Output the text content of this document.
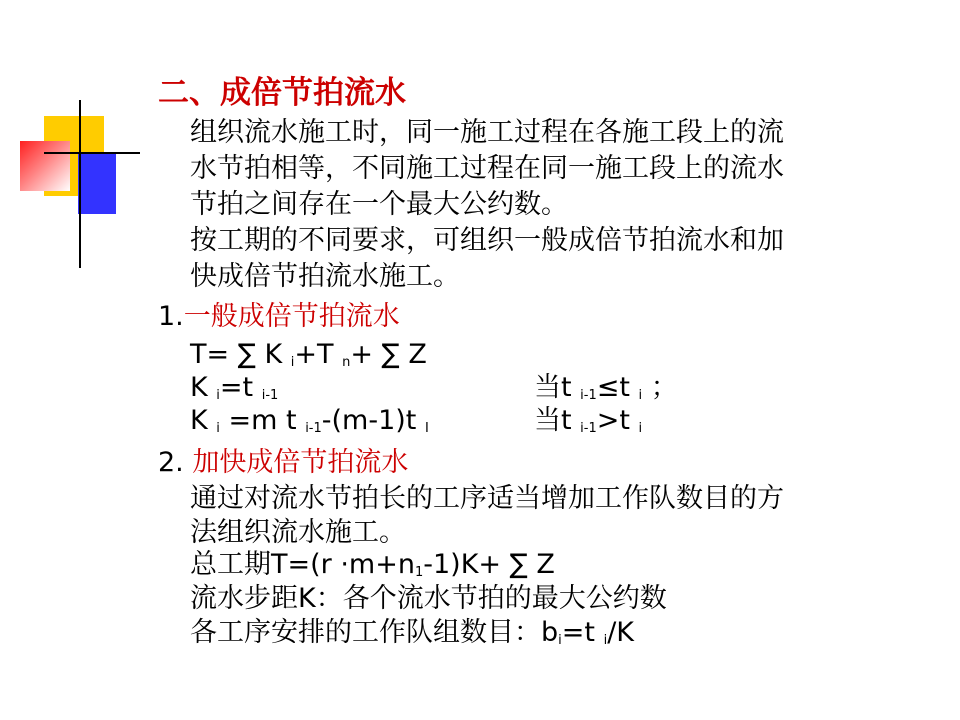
二、成倍节拍流水
组织流水施工时，同一施工过程在各施工段上的流
水节拍相等，不同施工过程在同一施工段上的流水
节拍之间存在一个最大公约数。
按工期的不同要求，可组织一般成倍节拍流水和加
快成倍节拍流水施工。
1.一般成倍节拍流水
T= ∑ K $_i$+T $_n$+ ∑ Z
K $_i$=t $_{i-1}$	当t $_{i-1}$≤t $_i$ ；
K $_i$ =m t $_{i-1}$-(m-1)t $_I$	当t $_{i-1}$>t $_i$
2. 加快成倍节拍流水
通过对流水节拍长的工序适当增加工作队数目的方
法组织流水施工。
总工期$T=(r \cdot m+n_1-1)K+$ ∑ Z
流水步距K：各个流水节拍的最大公约数
各工序安排的工作队组数目：$b_i=t$ $_i$/K
